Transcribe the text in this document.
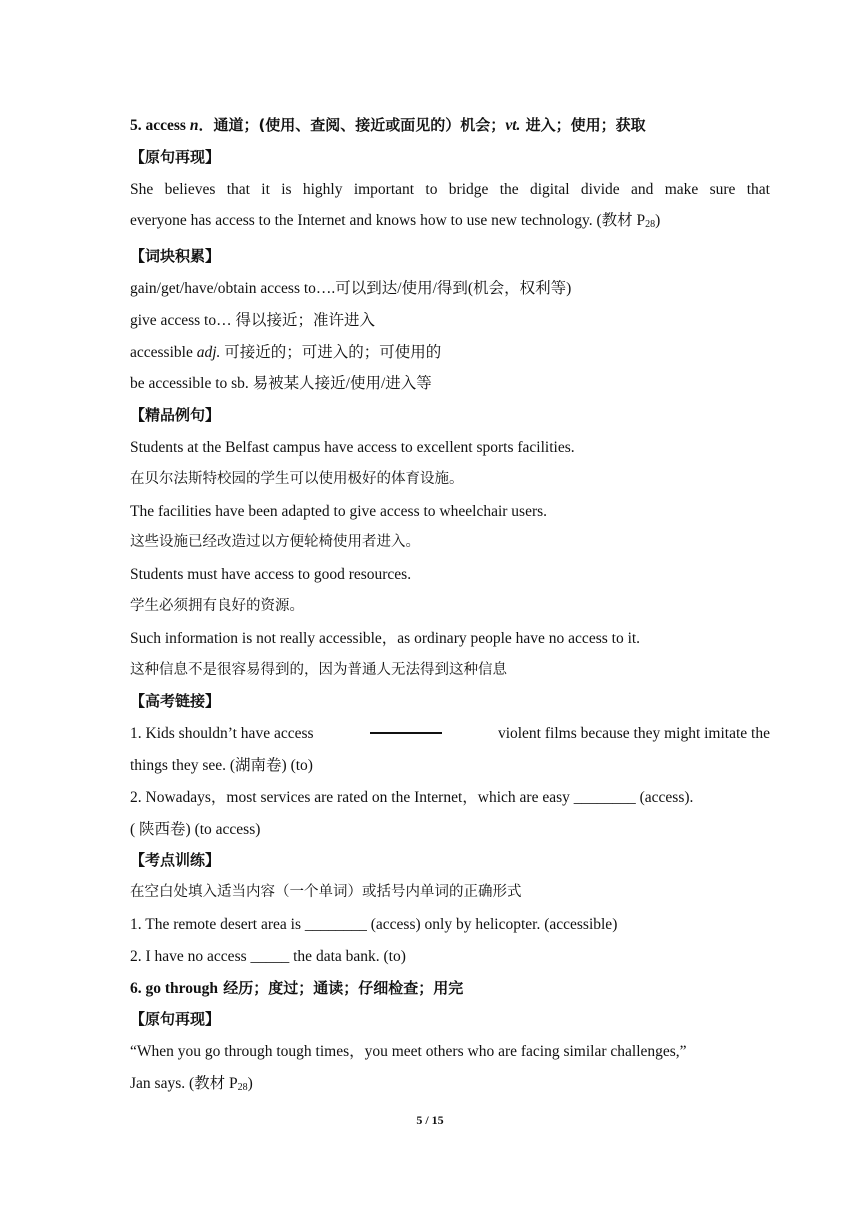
5. access n．通道；(使用、查阅、接近或面见的）机会；vt. 进入；使用；获取
【原句再现】
She believes that it is highly important to bridge the digital divide and make sure that
everyone has access to the Internet and knows how to use new technology. (教材 $P_{28}$)
【词块积累】
gain/get/have/obtain access to….可以到达/使用/得到(机会，权利等)
give access to… 得以接近；准许进入
accessible adj. 可接近的；可进入的；可使用的
be accessible to sb. 易被某人接近/使用/进入等
【精品例句】
Students at the Belfast campus have access to excellent sports facilities.
在贝尔法斯特校园的学生可以使用极好的体育设施。
The facilities have been adapted to give access to wheelchair users.
这些设施已经改造过以方便轮椅使用者进入。
Students must have access to good resources.
学生必须拥有良好的资源。
Such information is not really accessible，as ordinary people have no access to it.
这种信息不是很容易得到的，因为普通人无法得到这种信息
【高考链接】
1. Kids shouldn’t have access	violent films because they might imitate the
things they see. (湖南卷) (to)
2. Nowadays，most services are rated on the Internet，which are easy ________ (access).
( 陕西卷) (to access)
【考点训练】
在空白处填入适当内容（一个单词）或括号内单词的正确形式
1. The remote desert area is ________ (access) only by helicopter. (accessible)
2. I have no access _____ the data bank. (to)
6. go through 经历；度过；通读；仔细检查；用完
【原句再现】
“When you go through tough times，you meet others who are facing similar challenges,”
Jan says. (教材 $P_{28}$)
5 / 15
